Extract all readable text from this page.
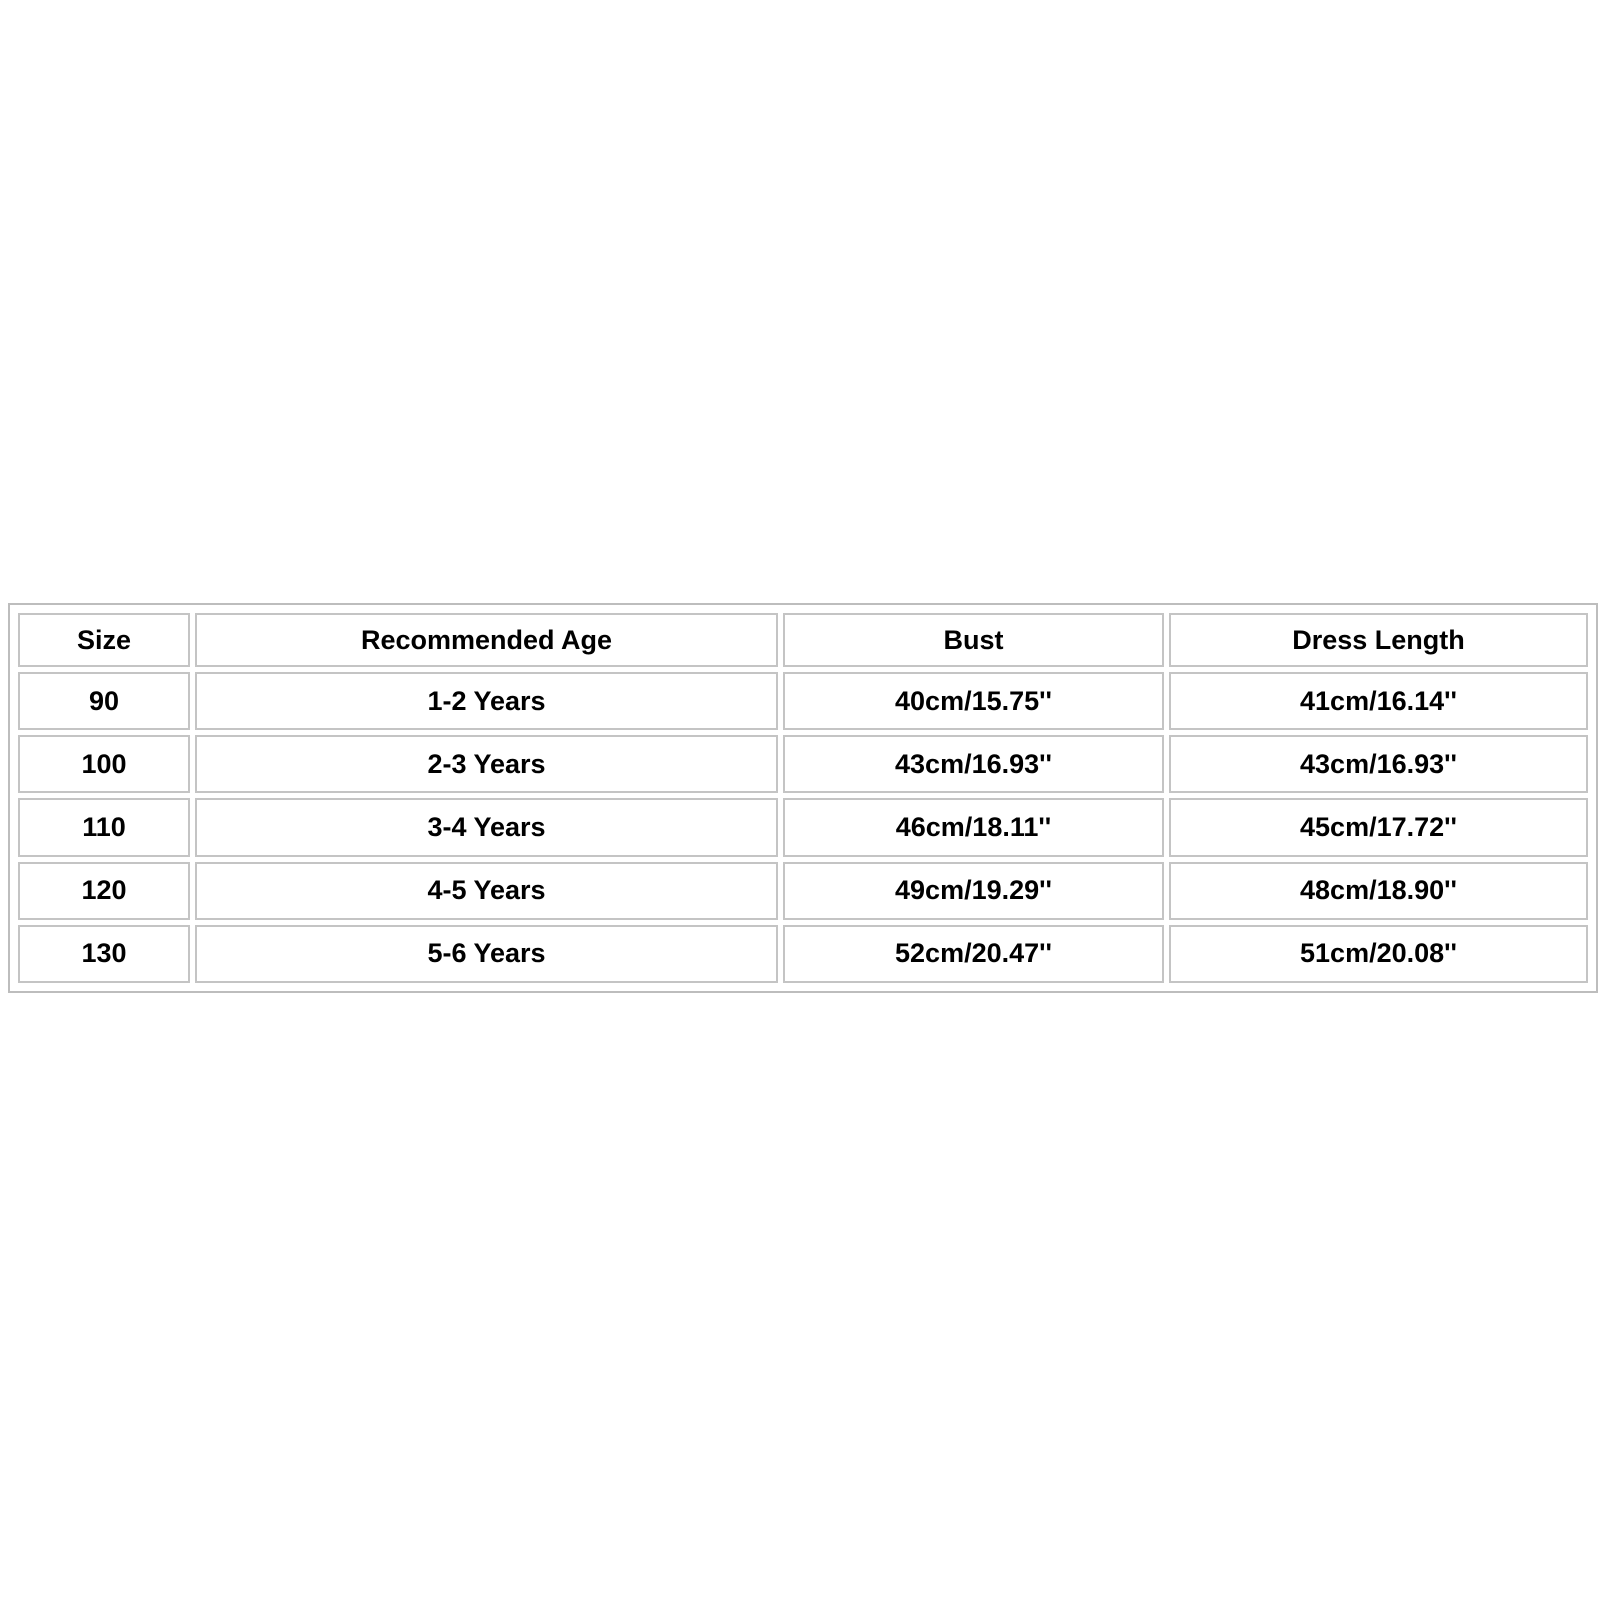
Size	Recommended Age	Bust	Dress Length
90	1-2 Years	40cm/15.75''	41cm/16.14''
100	2-3 Years	43cm/16.93''	43cm/16.93''
110	3-4 Years	46cm/18.11''	45cm/17.72''
120	4-5 Years	49cm/19.29''	48cm/18.90''
130	5-6 Years	52cm/20.47''	51cm/20.08''
